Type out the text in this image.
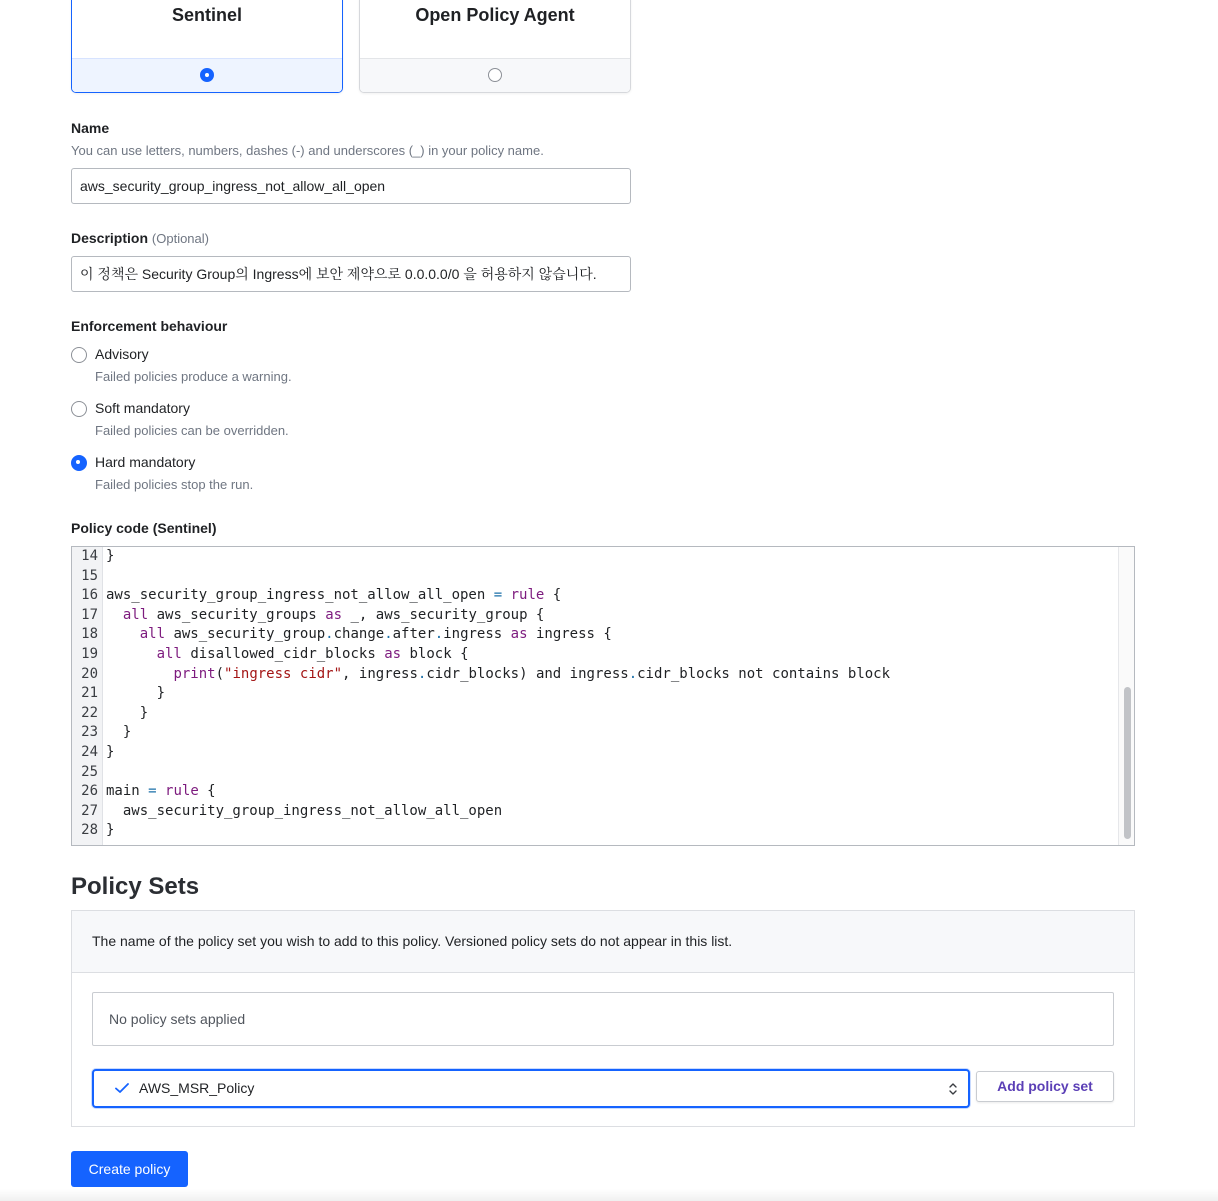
Sentinel	Open Policy Agent
Name
You can use letters, numbers, dashes (-) and underscores (_) in your policy name.
aws_security_group_ingress_not_allow_all_open
Description (Optional)
이 정책은 Security Group의 Ingress에 보안 제약으로 0.0.0.0/0 을 허용하지 않습니다.
Enforcement behaviour
Advisory
Failed policies produce a warning.
Soft mandatory
Failed policies can be overridden.
Hard mandatory
Failed policies stop the run.
Policy code (Sentinel)
14 }
15
16 aws_security_group_ingress_not_allow_all_open = rule {
17 all aws_security_groups as _, aws_security_group {
18	all aws_security_group.change.after.ingress as ingress {
19	all disallowed_cidr_blocks as block {
20	print("ingress cidr", ingress.cidr_blocks) and ingress.cidr_blocks not contains block
21      }
22    }
23  }
24 }
25
26 main = rule {
27 aws_security_group_ingress_not_allow_all_open
28 }
Policy Sets
The name of the policy set you wish to add to this policy. Versioned policy sets do not appear in this list.
No policy sets applied
AWS_MSR_Policy	Add policy set
Create policy
